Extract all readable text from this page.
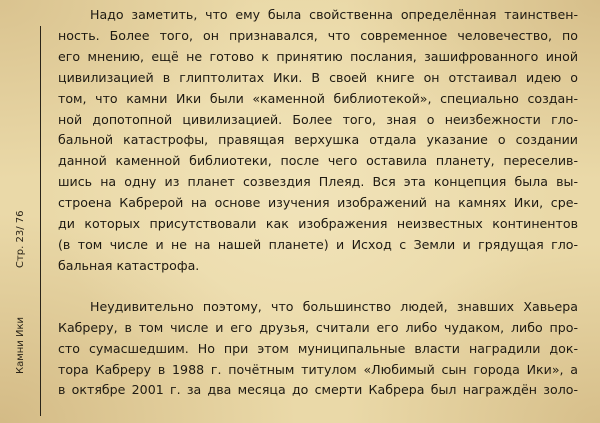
Стр. 23/ 76
Камни Ики

Надо заметить, что ему была свойственна определённая таинствен-
ность. Более того, он признавался, что современное человечество, по
его мнению, ещё не готово к принятию послания, зашифрованного иной
цивилизацией в глиптолитах Ики. В своей книге он отстаивал идею о
том, что камни Ики были «каменной библиотекой», специально создан-
ной допотопной цивилизацией. Более того, зная о неизбежности гло-
бальной катастрофы, правящая верхушка отдала указание о создании
данной каменной библиотеки, после чего оставила планету, переселив-
шись на одну из планет созвездия Плеяд. Вся эта концепция была вы-
строена Кабрерой на основе изучения изображений на камнях Ики, сре-
ди которых присутствовали как изображения неизвестных континентов
(в том числе и не на нашей планете) и Исход с Земли и грядущая гло-
бальная катастрофа.

Неудивительно поэтому, что большинство людей, знавших Хавьера
Кабреру, в том числе и его друзья, считали его либо чудаком, либо про-
сто сумасшедшим. Но при этом муниципальные власти наградили док-
тора Кабреру в 1988 г. почётным титулом «Любимый сын города Ики», а
в октябре 2001 г. за два месяца до смерти Кабрера был награждён золо-
